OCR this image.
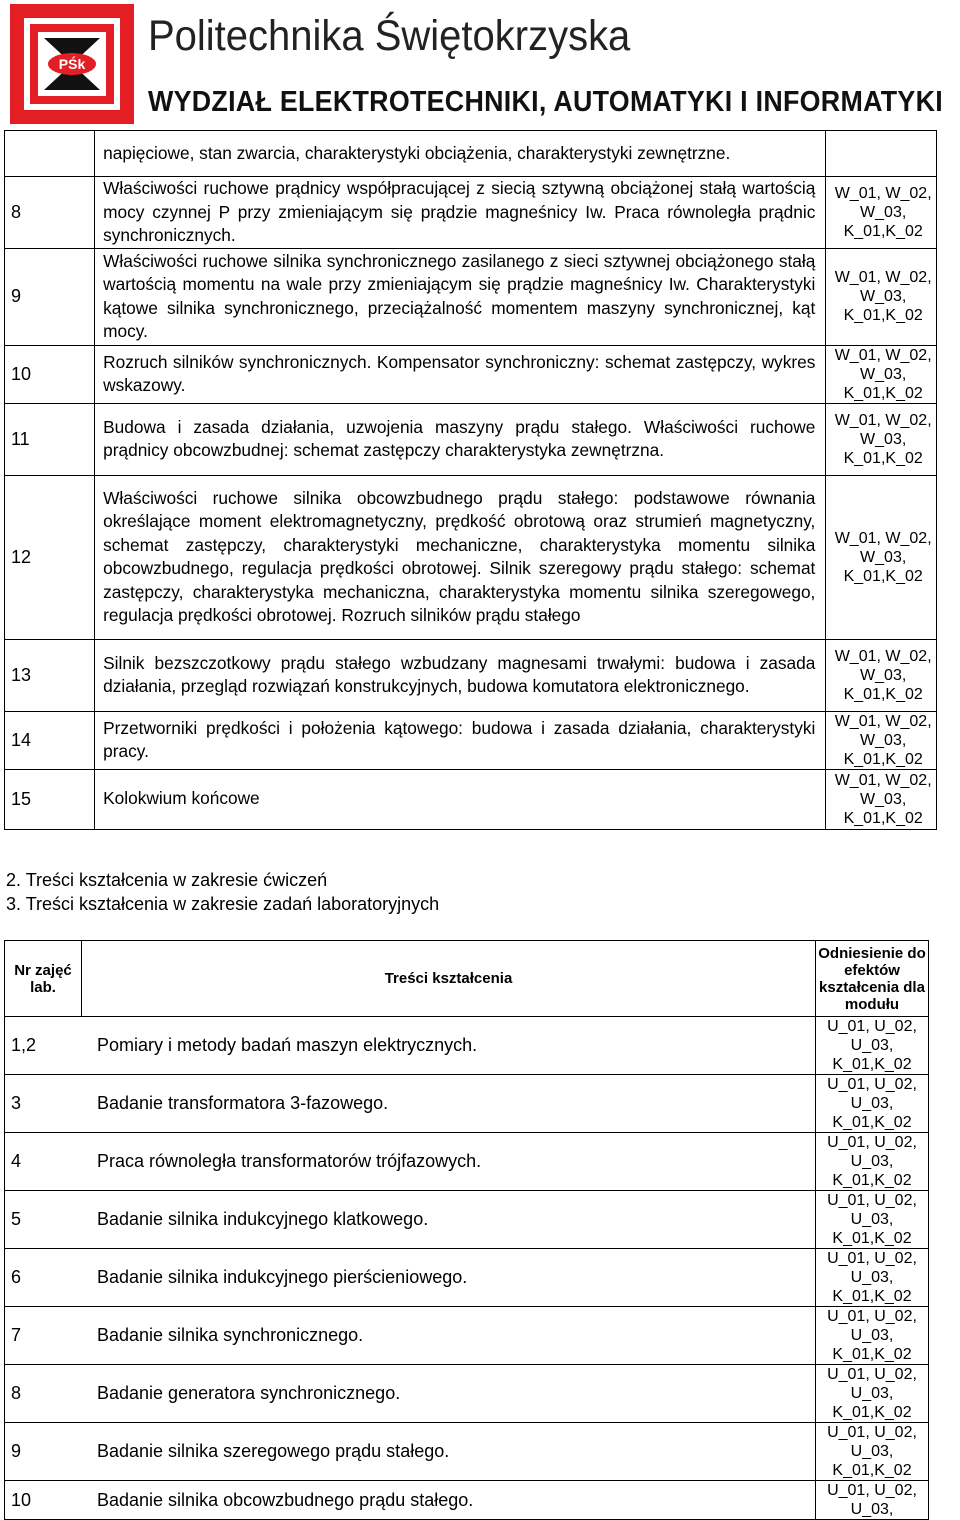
PŚk
Politechnika Świętokrzyska
WYDZIAŁ ELEKTROTECHNIKI, AUTOMATYKI I INFORMATYKI
	napięciowe, stan zwarcia, charakterystyki obciążenia, charakterystyki zewnętrzne.	
8	Właściwości ruchowe prądnicy współpracującej z siecią sztywną obciążonej stałą wartością mocy czynnej P przy zmieniającym się prądzie magneśnicy Iw. Praca równoległa prądnic synchronicznych.	W_01, W_02, W_03, K_01,K_02
9	Właściwości ruchowe silnika synchronicznego zasilanego z sieci sztywnej obciążonego stałą wartością momentu na wale przy zmieniającym się prądzie magneśnicy Iw. Charakterystyki kątowe silnika synchronicznego, przeciążalność momentem maszyny synchronicznej, kąt mocy.	W_01, W_02, W_03, K_01,K_02
10	Rozruch silników synchronicznych. Kompensator synchroniczny: schemat zastępczy, wykres wskazowy.	W_01, W_02, W_03, K_01,K_02
11	Budowa i zasada działania, uzwojenia maszyny prądu stałego. Właściwości ruchowe prądnicy obcowzbudnej: schemat zastępczy charakterystyka zewnętrzna.	W_01, W_02, W_03, K_01,K_02
12	Właściwości ruchowe silnika obcowzbudnego prądu stałego: podstawowe równania określające moment elektromagnetyczny, prędkość obrotową oraz strumień magnetyczny, schemat zastępczy, charakterystyki mechaniczne, charakterystyka momentu silnika obcowzbudnego, regulacja prędkości obrotowej. Silnik szeregowy prądu stałego: schemat zastępczy, charakterystyka mechaniczna, charakterystyka momentu silnika szeregowego, regulacja prędkości obrotowej. Rozruch silników prądu stałego	W_01, W_02, W_03, K_01,K_02
13	Silnik bezszczotkowy prądu stałego wzbudzany magnesami trwałymi: budowa i zasada działania, przegląd rozwiązań konstrukcyjnych, budowa komutatora elektronicznego.	W_01, W_02, W_03, K_01,K_02
14	Przetworniki prędkości i położenia kątowego: budowa i zasada działania, charakterystyki pracy.	W_01, W_02, W_03, K_01,K_02
15	Kolokwium końcowe	W_01, W_02, W_03, K_01,K_02
2. Treści kształcenia w zakresie ćwiczeń
3. Treści kształcenia w zakresie zadań laboratoryjnych
Nr zajęć lab.	Treści kształcenia	Odniesienie do efektów kształcenia dla modułu
1,2 Pomiary i metody badań maszyn elektrycznych.		U_01, U_02, U_03, K_01,K_02
3 Badanie transformatora 3-fazowego.		U_01, U_02, U_03, K_01,K_02
4 Praca równoległa transformatorów trójfazowych.		U_01, U_02, U_03, K_01,K_02
5 Badanie silnika indukcyjnego klatkowego.		U_01, U_02, U_03, K_01,K_02
6 Badanie silnika indukcyjnego pierścieniowego.		U_01, U_02, U_03, K_01,K_02
7 Badanie silnika synchronicznego.		U_01, U_02, U_03, K_01,K_02
8 Badanie generatora synchronicznego.		U_01, U_02, U_03, K_01,K_02
9 Badanie silnika szeregowego prądu stałego.		U_01, U_02, U_03, K_01,K_02
10 Badanie silnika obcowzbudnego prądu stałego.		U_01, U_02, U_03,
